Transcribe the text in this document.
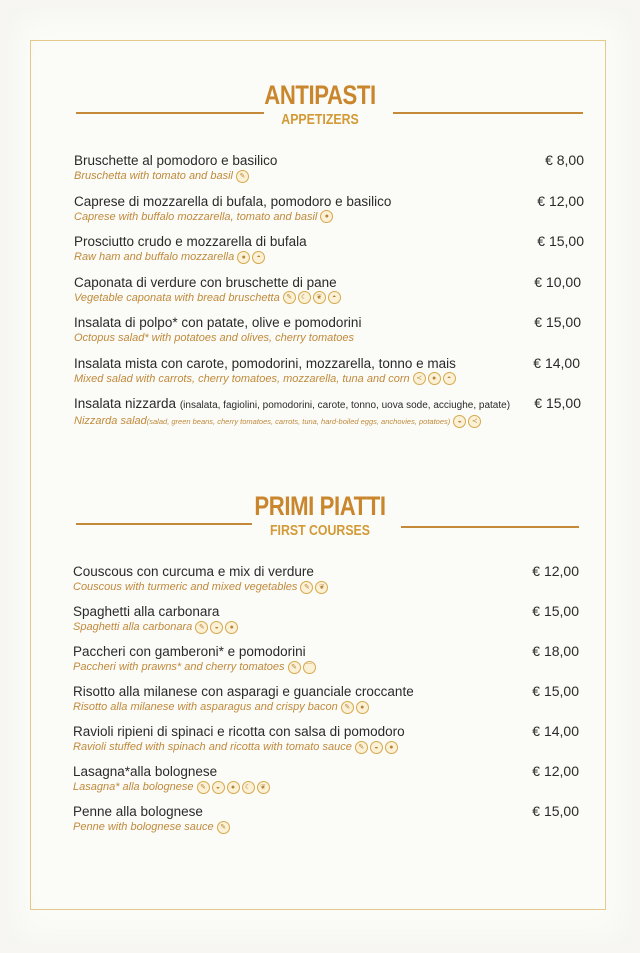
ANTIPASTI
APPETIZERS
Bruschette al pomodoro e basilico
Bruschetta with tomato and basil ✎
€ 8,00
Caprese di mozzarella di bufala, pomodoro e basilico
Caprese with buffalo mozzarella, tomato and basil	●
€ 12,00
Prosciutto crudo e mozzarella di bufala
Raw ham and buffalo mozzarella	●	◓
€ 15,00
Caponata di verdure con bruschette di pane
Vegetable caponata with bread bruschetta ✎	☾	❦	◓
€ 10,00
Insalata di polpo* con patate, olive e pomodorini
Octopus salad* with potatoes and olives, cherry tomatoes
€ 15,00
Insalata mista con carote, pomodorini, mozzarella, tonno e mais
Mixed salad with carrots, cherry tomatoes, mozzarella, tuna and corn ≺	●	◓
€ 14,00
Insalata nizzarda (insalata, fagiolini, pomodorini, carote, tonno, uova sode, acciughe, patate)
Nizzarda salad(salad, green beans, cherry tomatoes, carrots, tuna, hard-boiled eggs, anchovies, potatoes)	◒	≺
€ 15,00
PRIMI PIATTI
FIRST COURSES
Couscous con curcuma e mix di verdure
Couscous with turmeric and mixed vegetables ✎	❦
€ 12,00
Spaghetti alla carbonara
Spaghetti alla carbonara ✎	◒	●
€ 15,00
Paccheri con gamberoni* e pomodorini
Paccheri with prawns* and cherry tomatoes ✎	⌒
€ 18,00
Risotto alla milanese con asparagi e guanciale croccante
Risotto alla milanese with asparagus and crispy bacon ✎	●
€ 15,00
Ravioli ripieni di spinaci e ricotta con salsa di pomodoro
Ravioli stuffed with spinach and ricotta with tomato sauce ✎	◒	●
€ 14,00
Lasagna*alla bolognese
Lasagna* alla bolognese ✎	◒	●	☾	❦
€ 12,00
Penne alla bolognese
Penne with bolognese sauce ✎
€ 15,00
